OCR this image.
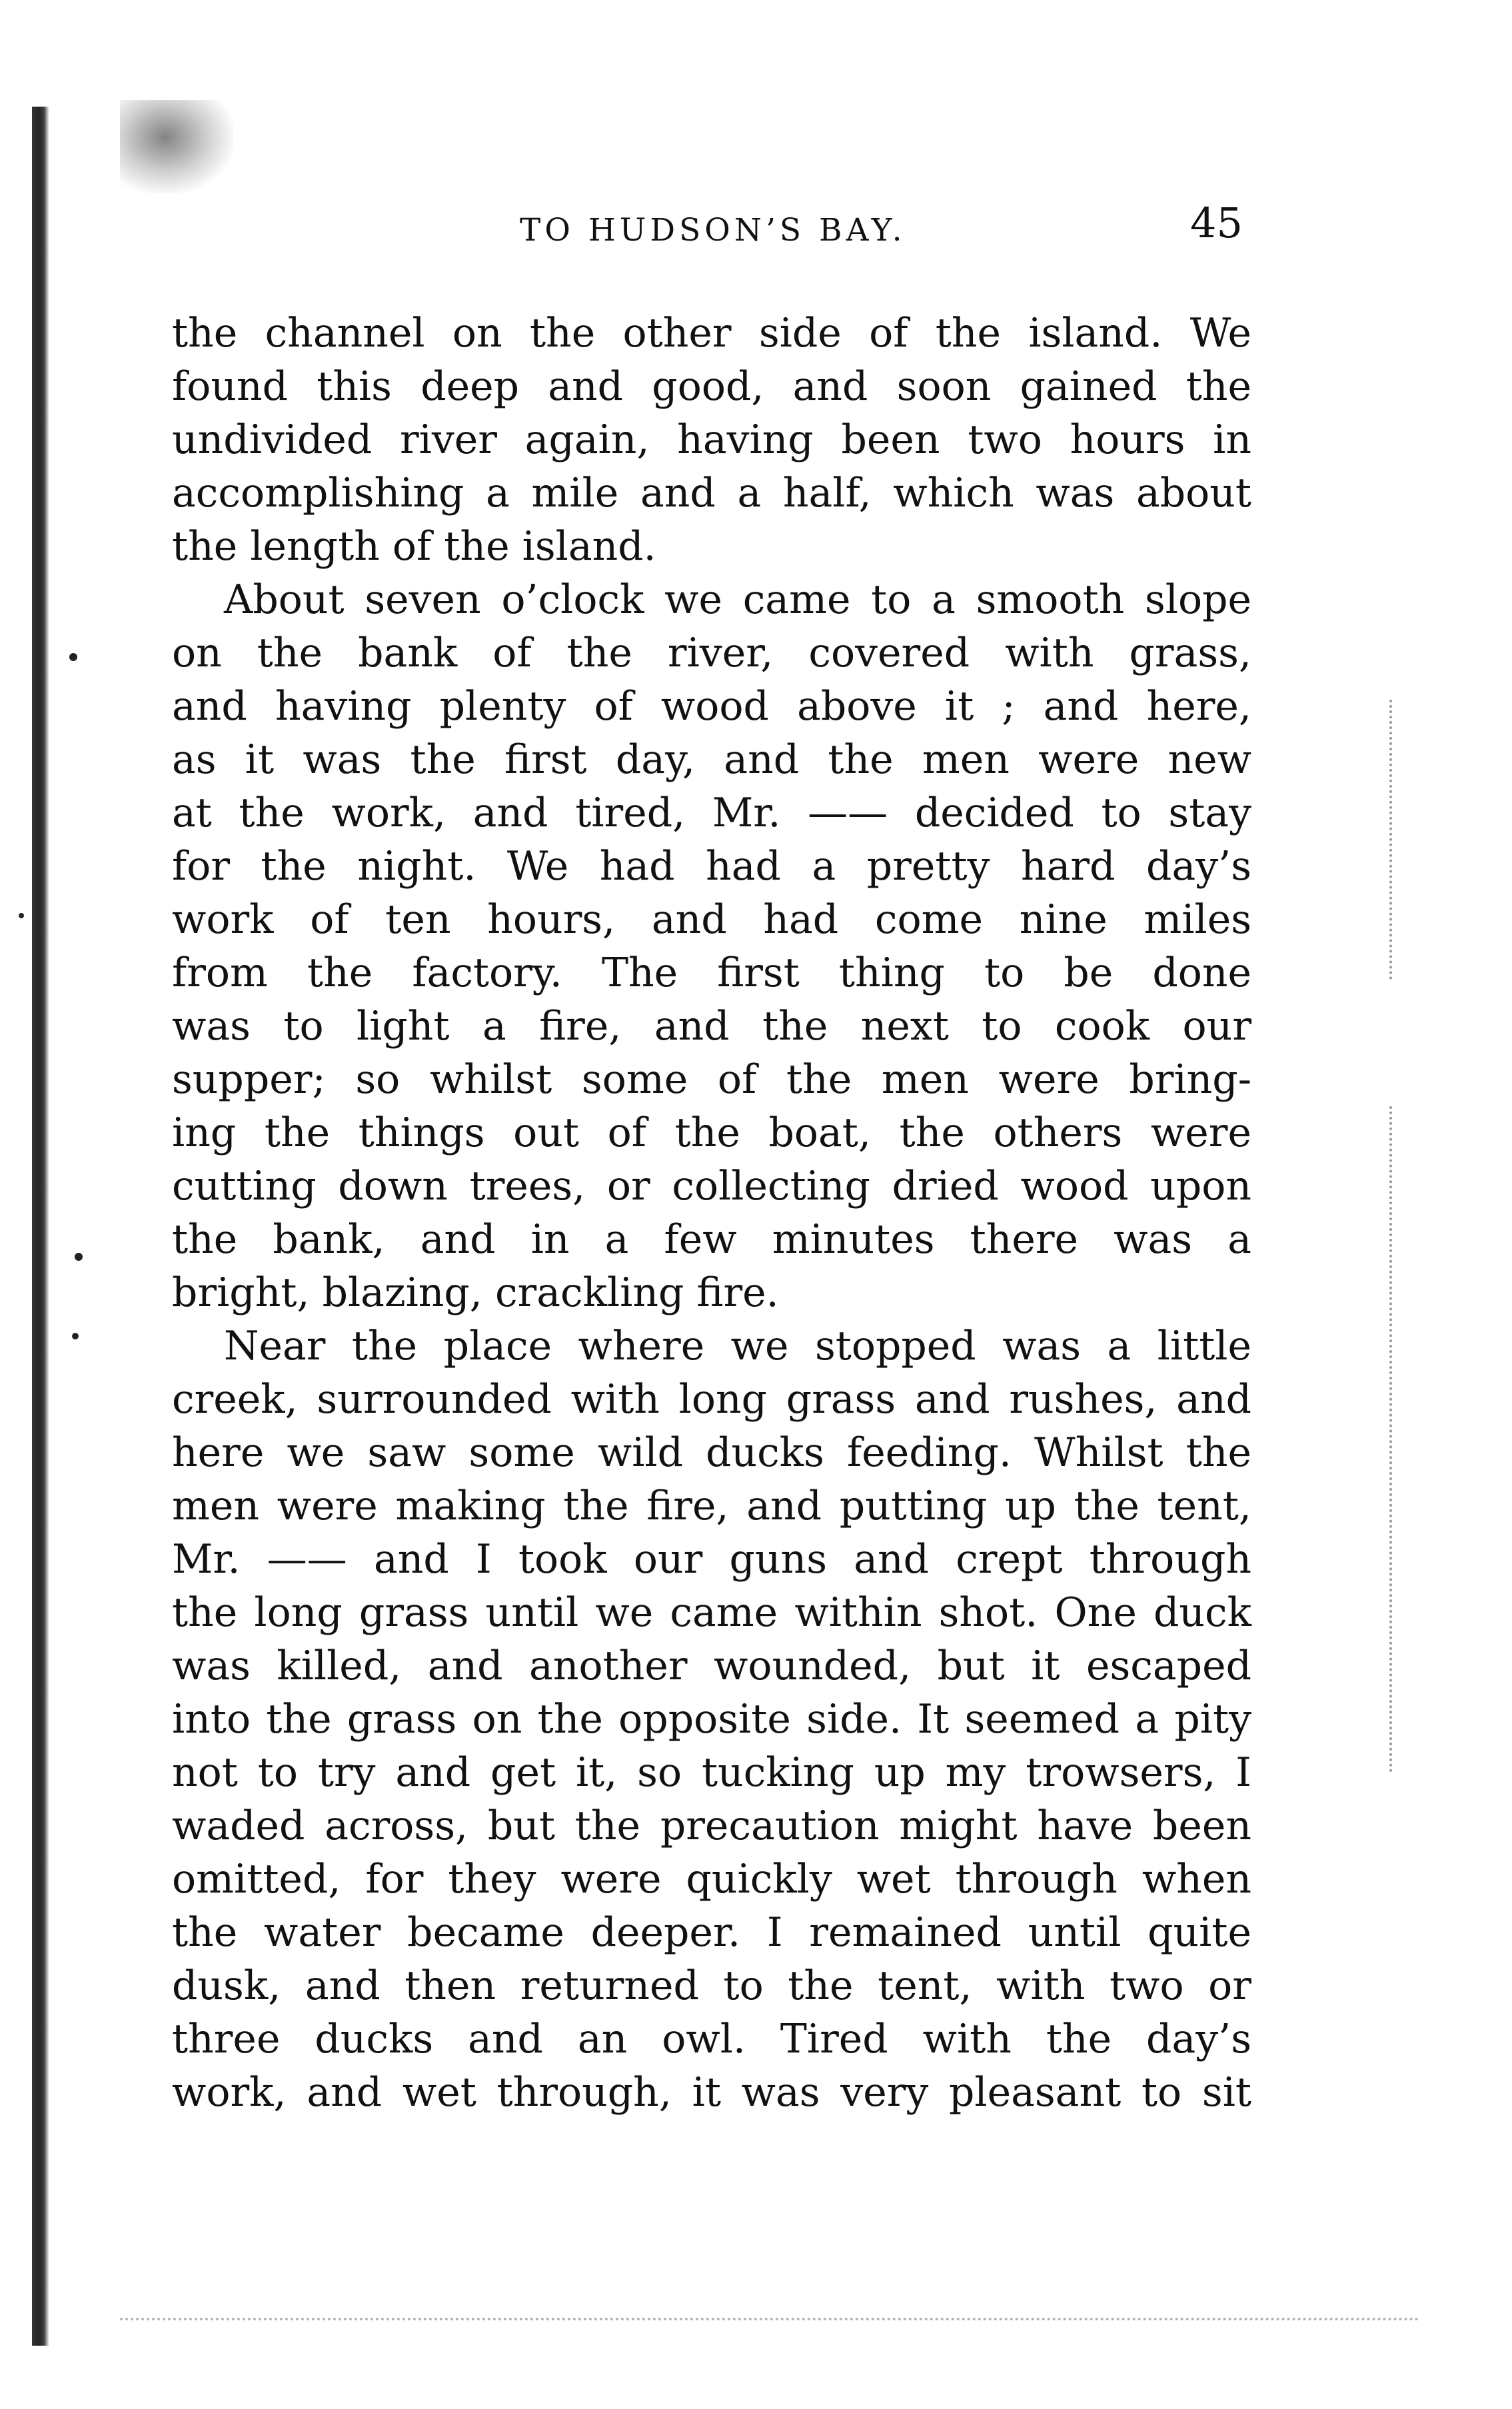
TO HUDSON’S BAY.	45
the channel on the other side of the island. We
found this deep and good, and soon gained the
undivided river again, having been two hours in
accomplishing a mile and a half, which was about
the length of the island.
About seven o’clock we came to a smooth slope
on the bank of the river, covered with grass,
and having plenty of wood above it ; and here,
as it was the first day, and the men were new
at the work, and tired, Mr. —— decided to stay
for the night. We had had a pretty hard day’s
work of ten hours, and had come nine miles
from the factory. The first thing to be done
was to light a fire, and the next to cook our
supper; so whilst some of the men were bring-
ing the things out of the boat, the others were
cutting down trees, or collecting dried wood upon
the bank, and in a few minutes there was a
bright, blazing, crackling fire.
Near the place where we stopped was a little
creek, surrounded with long grass and rushes, and
here we saw some wild ducks feeding. Whilst the
men were making the fire, and putting up the tent,
Mr. —— and I took our guns and crept through
the long grass until we came within shot. One duck
was killed, and another wounded, but it escaped
into the grass on the opposite side. It seemed a pity
not to try and get it, so tucking up my trowsers, I
waded across, but the precaution might have been
omitted, for they were quickly wet through when
the water became deeper. I remained until quite
dusk, and then returned to the tent, with two or
three ducks and an owl. Tired with the day’s
work, and wet through, it was very pleasant to sit
